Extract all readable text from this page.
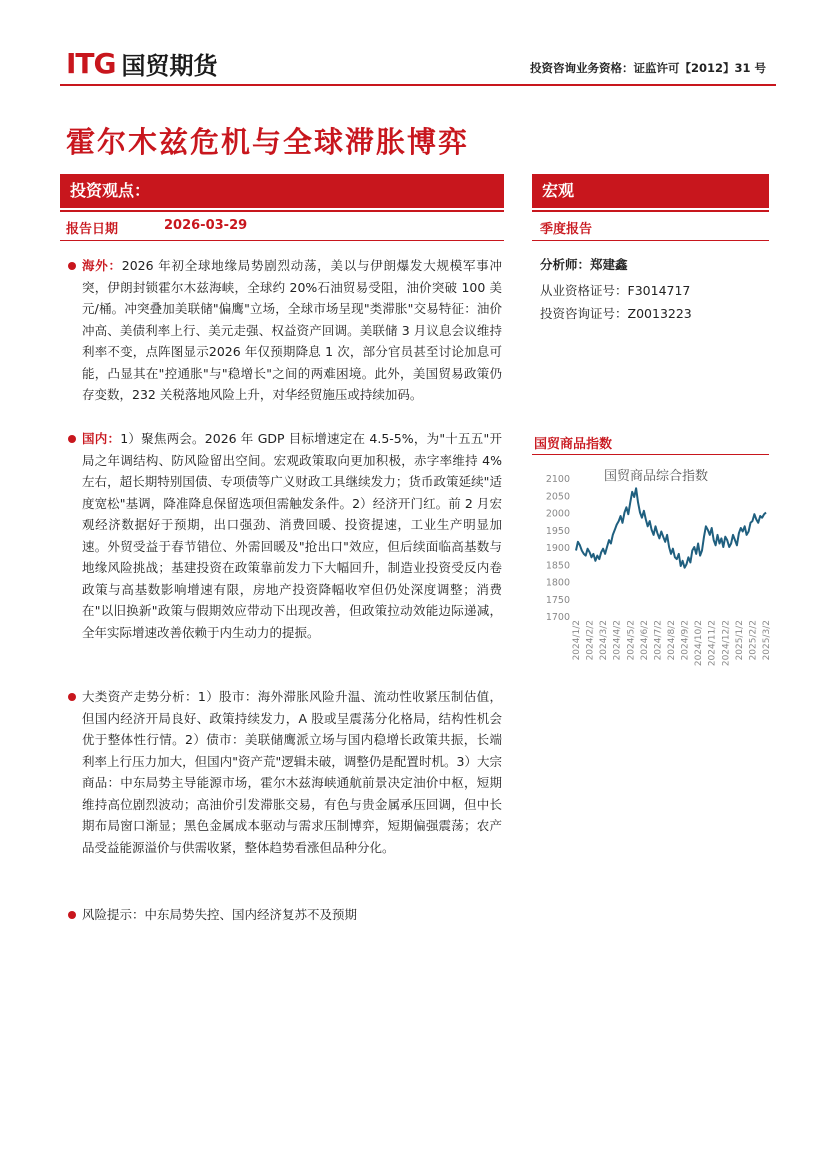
ITG 国贸期货	投资咨询业务资格：证监许可【2012】31 号
霍尔木兹危机与全球滞胀博弈
投资观点：	宏观
报告日期	2026-03-29	季度报告
海外：2026 年初全球地缘局势剧烈动荡，美以与伊朗爆发大规模军事冲突，伊朗封锁霍尔木兹海峡，全球约 20%石油贸易受阻，油价突破 100 美元/桶。冲突叠加美联储"偏鹰"立场，全球市场呈现"类滞胀"交易特征：油价冲高、美债利率上行、美元走强、权益资产回调。美联储 3 月议息会议维持利率不变，点阵图显示2026 年仅预期降息 1 次，部分官员甚至讨论加息可能，凸显其在"控通胀"与"稳增长"之间的两难困境。此外，美国贸易政策仍存变数，232 关税落地风险上升，对华经贸施压或持续加码。
国内：1）聚焦两会。2026 年 GDP 目标增速定在 4.5-5%，为"十五五"开局之年调结构、防风险留出空间。宏观政策取向更加积极，赤字率维持 4%左右，超长期特别国债、专项债等广义财政工具继续发力；货币政策延续"适度宽松"基调，降准降息保留选项但需触发条件。2）经济开门红。前 2 月宏观经济数据好于预期，出口强劲、消费回暖、投资提速，工业生产明显加速。外贸受益于春节错位、外需回暖及"抢出口"效应，但后续面临高基数与地缘风险挑战；基建投资在政策靠前发力下大幅回升，制造业投资受反内卷政策与高基数影响增速有限，房地产投资降幅收窄但仍处深度调整；消费在"以旧换新"政策与假期效应带动下出现改善，但政策拉动效能边际递减，全年实际增速改善依赖于内生动力的提振。
大类资产走势分析：1）股市：海外滞胀风险升温、流动性收紧压制估值，但国内经济开局良好、政策持续发力，A 股或呈震荡分化格局，结构性机会优于整体性行情。2）债市：美联储鹰派立场与国内稳增长政策共振，长端利率上行压力加大，但国内"资产荒"逻辑未破，调整仍是配置时机。3）大宗商品：中东局势主导能源市场，霍尔木兹海峡通航前景决定油价中枢，短期维持高位剧烈波动；高油价引发滞胀交易，有色与贵金属承压回调，但中长期布局窗口渐显；黑色金属成本驱动与需求压制博弈，短期偏强震荡；农产品受益能源溢价与供需收紧，整体趋势看涨但品种分化。
风险提示：中东局势失控、国内经济复苏不及预期
分析师：郑建鑫
从业资格证号：F3014717
投资咨询证号：Z0013223
国贸商品指数
国贸商品综合指数
1700
1750
1800
1850
1900
1950
2000
2050
2100
2024/1/2 2024/2/2 2024/3/2 2024/4/2 2024/5/2 2024/6/2 2024/7/2 2024/8/2 2024/9/2 2024/10/2 2024/11/2 2024/12/2 2025/1/2 2025/2/2 2025/3/2
